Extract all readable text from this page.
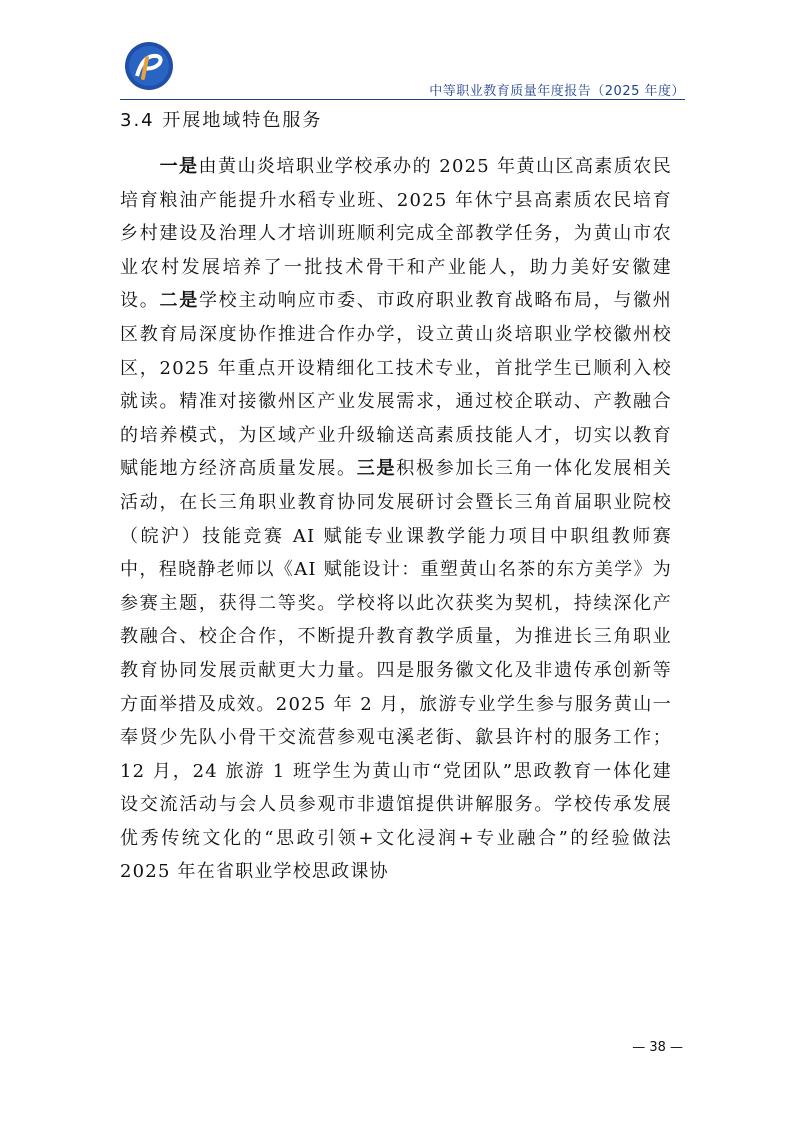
中等职业教育质量年度报告（2025 年度）
3.4 开展地域特色服务

一是由黄山炎培职业学校承办的 2025 年黄山区高素质农民培育粮油产能提升水稻专业班、2025 年休宁县高素质农民培育乡村建设及治理人才培训班顺利完成全部教学任务，为黄山市农业农村发展培养了一批技术骨干和产业能人，助力美好安徽建设。二是学校主动响应市委、市政府职业教育战略布局，与徽州区教育局深度协作推进合作办学，设立黄山炎培职业学校徽州校区，2025 年重点开设精细化工技术专业，首批学生已顺利入校就读。精准对接徽州区产业发展需求，通过校企联动、产教融合的培养模式，为区域产业升级输送高素质技能人才，切实以教育赋能地方经济高质量发展。三是积极参加长三角一体化发展相关活动，在长三角职业教育协同发展研讨会暨长三角首届职业院校（皖沪）技能竞赛 AI 赋能专业课教学能力项目中职组教师赛中，程晓静老师以《AI 赋能设计：重塑黄山名茶的东方美学》为参赛主题，获得二等奖。学校将以此次获奖为契机，持续深化产教融合、校企合作，不断提升教育教学质量，为推进长三角职业教育协同发展贡献更大力量。四是服务徽文化及非遗传承创新等方面举措及成效。2025 年 2 月，旅游专业学生参与服务黄山一奉贤少先队小骨干交流营参观屯溪老街、歙县许村的服务工作；12 月，24 旅游 1 班学生为黄山市“党团队”思政教育一体化建设交流活动与会人员参观市非遗馆提供讲解服务。学校传承发展优秀传统文化的“思政引领+文化浸润+专业融合”的经验做法 2025 年在省职业学校思政课协

— 38 —
